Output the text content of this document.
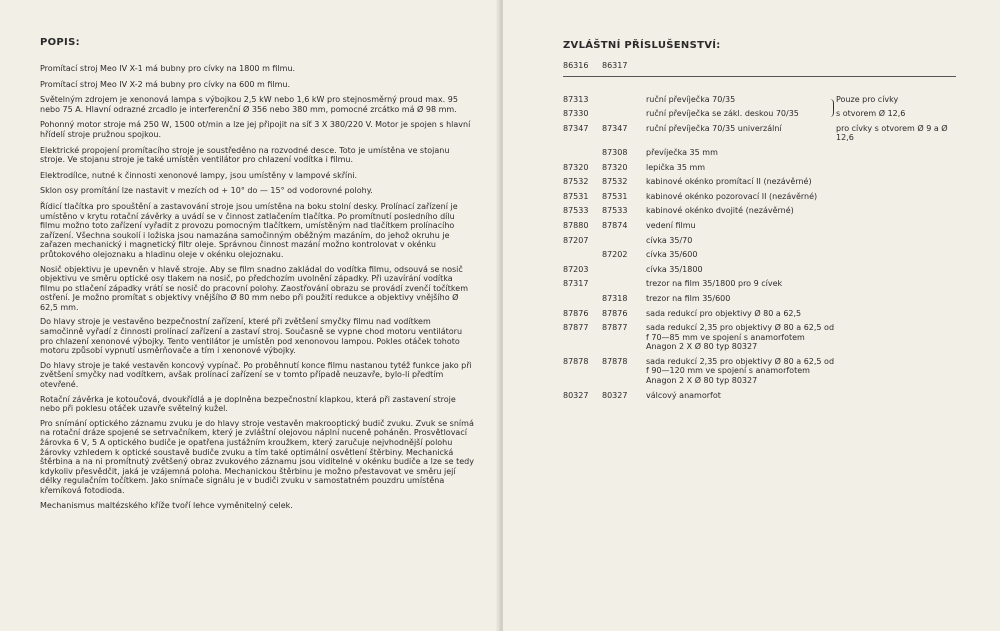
POPIS:

Promítací stroj Meo IV X-1 má bubny pro cívky na 1800 m filmu.

Promítací stroj Meo IV X-2 má bubny pro cívky na 600 m filmu.

Světelným zdrojem je xenonová lampa s výbojkou 2,5 kW nebo 1,6 kW pro stejnosměrný proud max. 95 nebo 75 A. Hlavní odrazné zrcadlo je interferenční Ø 356 nebo 380 mm, pomocné zrcátko má Ø 98 mm.

Pohonný motor stroje má 250 W, 1500 ot/min a lze jej připojit na síť 3 X 380/220 V. Motor je spojen s hlavní hřídelí stroje pružnou spojkou.

Elektrické propojení promítacího stroje je soustředěno na rozvodné desce. Toto je umístěna ve stojanu stroje. Ve stojanu stroje je také umístěn ventilátor pro chlazení vodítka i filmu.

Elektrodílce, nutné k činnosti xenonové lampy, jsou umístěny v lampové skříni.

Sklon osy promítání lze nastavit v mezích od + 10° do — 15° od vodorovné polohy.

Řídicí tlačítka pro spouštění a zastavování stroje jsou umístěna na boku stolní desky. Prolínací zařízení je umístěno v krytu rotační závěrky a uvádí se v činnost zatlačením tlačítka. Po promítnutí posledního dílu filmu možno toto zařízení vyřadit z provozu pomocným tlačítkem, umístěným nad tlačítkem prolínacího zařízení. Všechna soukolí i ložiska jsou namazána samočinným oběžným mazáním, do jehož okruhu je zařazen mechanický i magnetický filtr oleje. Správnou činnost mazání možno kontrolovat v okénku průtokového olejoznaku a hladinu oleje v okénku olejoznaku.

Nosič objektivu je upevněn v hlavě stroje. Aby se film snadno zakládal do vodítka filmu, odsouvá se nosič objektivu ve směru optické osy tlakem na nosič, po předchozím uvolnění západky. Při uzavírání vodítka filmu po stlačení západky vrátí se nosič do pracovní polohy. Zaostřování obrazu se provádí zvenčí točítkem ostření. Je možno promítat s objektivy vnějšího Ø 80 mm nebo při použití redukce a objektivy vnějšího Ø 62,5 mm.

Do hlavy stroje je vestavěno bezpečnostní zařízení, které při zvětšení smyčky filmu nad vodítkem samočinně vyřadí z činnosti prolínací zařízení a zastaví stroj. Současně se vypne chod motoru ventilátoru pro chlazení xenonové výbojky. Tento ventilátor je umístěn pod xenonovou lampou. Pokles otáček tohoto motoru způsobí vypnutí usměrňovače a tím i xenonové výbojky.

Do hlavy stroje je také vestavěn koncový vypínač. Po proběhnutí konce filmu nastanou tytéž funkce jako při zvětšení smyčky nad vodítkem, avšak prolínací zařízení se v tomto případě neuzavře, bylo-li předtím otevřené.

Rotační závěrka je kotoučová, dvoukřídlá a je doplněna bezpečnostní klapkou, která při zastavení stroje nebo při poklesu otáček uzavře světelný kužel.

Pro snímání optického záznamu zvuku je do hlavy stroje vestavěn makrooptický budič zvuku. Zvuk se snímá na rotační dráze spojené se setrvačníkem, který je zvláštní olejovou náplní nuceně poháněn. Prosvětlovací žárovka 6 V, 5 A optického budiče je opatřena justážním kroužkem, který zaručuje nejvhodnější polohu žárovky vzhledem k optické soustavě budiče zvuku a tím také optimální osvětlení štěrbiny. Mechanická štěrbina a na ni promítnutý zvětšený obraz zvukového záznamu jsou viditelné v okénku budiče a lze se tedy kdykoliv přesvědčit, jaká je vzájemná poloha. Mechanickou štěrbinu je možno přestavovat ve směru její délky regulačním točítkem. Jako snímače signálu je v budiči zvuku v samostatném pouzdru umístěna křemíková fotodioda.

Mechanismus maltézského kříže tvoří lehce vyměnitelný celek.

ZVLÁŠTNÍ PŘÍSLUŠENSTVÍ:
86316	86317		

87313		ruční převíječka 70/35	Pouze pro cívky

87330		ruční převíječka se zákl. deskou 70/35	s otvorem Ø 12,6
87347	87347	ruční převíječka 70/35 univerzální	pro cívky s otvorem Ø 9 a Ø 12,6
	87308	převíječka 35 mm	
87320	87320	lepička 35 mm	
87532	87532	kabinové okénko promítací II (nezávěrné)	
87531	87531	kabinové okénko pozorovací II (nezávěrné)	
87533	87533	kabinové okénko dvojité (nezávěrné)	
87880	87874	vedení filmu	
87207		cívka 35/70	
	87202	cívka 35/600	
87203		cívka 35/1800	
87317		trezor na film 35/1800 pro 9 cívek	
	87318	trezor na film 35/600	
87876	87876	sada redukcí pro objektivy Ø 80 a 62,5	
87877	87877	sada redukcí 2,35 pro objektivy Ø 80 a 62,5 od f 70—85 mm ve spojení s anamorfotem Anagon 2 X Ø 80 typ 80327	
87878	87878	sada redukcí 2,35 pro objektivy Ø 80 a 62,5 od f 90—120 mm ve spojení s anamorfotem Anagon 2 X Ø 80 typ 80327	
80327	80327	válcový anamorfot	
